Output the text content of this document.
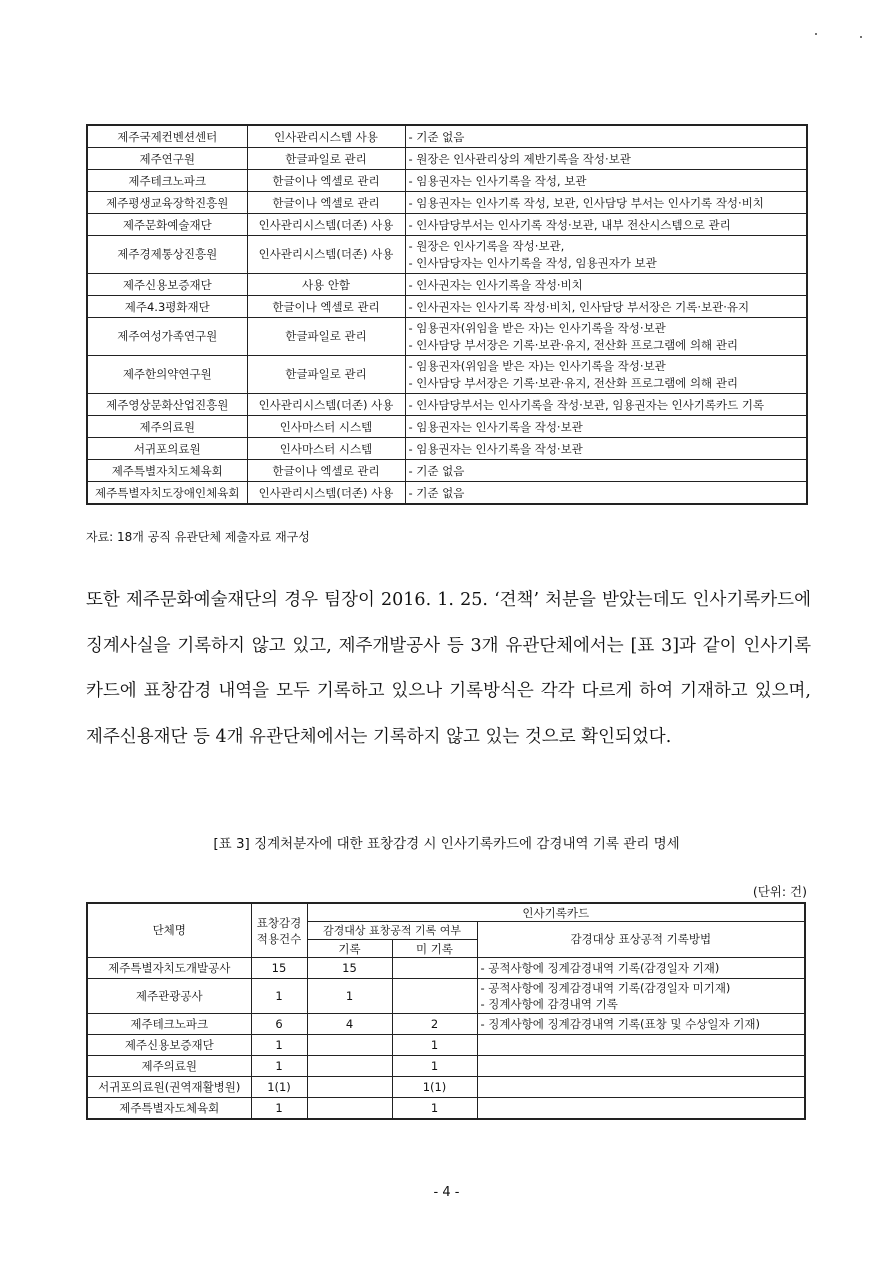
제주국제컨벤션센터	인사관리시스템 사용	- 기준 없음

제주연구원	한글파일로 관리	- 원장은 인사관리상의 제반기록을 작성·보관

제주테크노파크	한글이나 엑셀로 관리	- 임용권자는 인사기록을 작성, 보관

제주평생교육장학진흥원	한글이나 엑셀로 관리	- 임용권자는 인사기록 작성, 보관, 인사담당 부서는 인사기록 작성·비치

제주문화예술재단	인사관리시스템(더존) 사용	- 인사담당부서는 인사기록 작성·보관, 내부 전산시스템으로 관리

제주경제통상진흥원	인사관리시스템(더존) 사용	- 원장은 인사기록을 작성·보관,
- 인사담당자는 인사기록을 작성, 임용권자가 보관

제주신용보증재단	사용 안함	- 인사권자는 인사기록을 작성·비치

제주4.3평화재단	한글이나 엑셀로 관리	- 인사권자는 인사기록 작성·비치, 인사담당 부서장은 기록·보관·유지

제주여성가족연구원	한글파일로 관리	- 임용권자(위임을 받은 자)는 인사기록을 작성·보관
- 인사담당 부서장은 기록·보관·유지, 전산화 프로그램에 의해 관리

제주한의약연구원	한글파일로 관리	- 임용권자(위임을 받은 자)는 인사기록을 작성·보관
- 인사담당 부서장은 기록·보관·유지, 전산화 프로그램에 의해 관리

제주영상문화산업진흥원	인사관리시스템(더존) 사용	- 인사담당부서는 인사기록을 작성·보관, 임용권자는 인사기록카드 기록

제주의료원	인사마스터 시스템	- 임용권자는 인사기록을 작성·보관

서귀포의료원	인사마스터 시스템	- 임용권자는 인사기록을 작성·보관

제주특별자치도체육회	한글이나 엑셀로 관리	- 기준 없음

제주특별자치도장애인체육회	인사관리시스템(더존) 사용	- 기준 없음
자료: 18개 공직 유관단체 제출자료 재구성

또한 제주문화예술재단의 경우 팀장이 2016. 1. 25. ‘견책’ 처분을 받았는데도 인사기록카드에 징계사실을 기록하지 않고 있고, 제주개발공사 등 3개 유관단체에서는 [표 3]과 같이 인사기록카드에 표창감경 내역을 모두 기록하고 있으나 기록방식은 각각 다르게 하여 기재하고 있으며, 제주신용재단 등 4개 유관단체에서는 기록하지 않고 있는 것으로 확인되었다.

[표 3] 징계처분자에 대한 표창감경 시 인사기록카드에 감경내역 기록 관리 명세
(단위: 건)
단체명	표창감경 적용건수	인사기록카드		
		감경대상 표창공적 기록 여부		감경대상 표상공적 기록방법
		기록	미 기록	
제주특별자치도개발공사	15	15		- 공적사항에 징계감경내역 기록(감경일자 기재)

제주관광공사	1	1		- 공적사항에 징계감경내역 기록(감경일자 미기재)
- 징계사항에 감경내역 기록

제주테크노파크	6	4	2	- 징계사항에 징계감경내역 기록(표창 및 수상일자 기재)

제주신용보증재단	1		1	
제주의료원	1		1	
서귀포의료원(권역재활병원)	1(1)		1(1)	
제주특별자도체육회	1		1	
- 4 -
